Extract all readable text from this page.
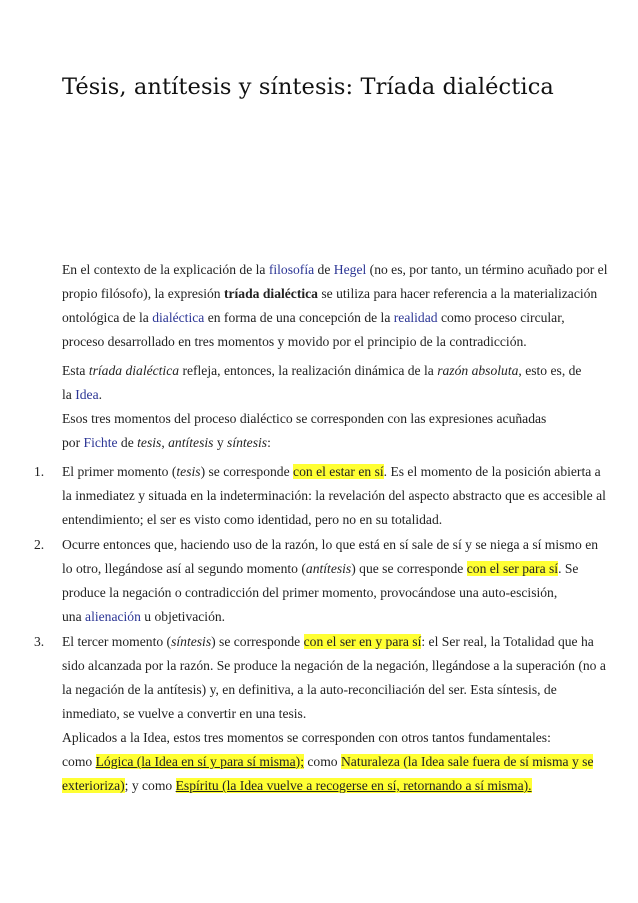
Tésis, antítesis y síntesis: Tríada dialéctica
En el contexto de la explicación de la filosofía de Hegel (no es, por tanto, un término acuñado por el
propio filósofo), la expresión tríada dialéctica se utiliza para hacer referencia a la materialización
ontológica de la dialéctica en forma de una concepción de la realidad como proceso circular,
proceso desarrollado en tres momentos y movido por el principio de la contradicción.
Esta tríada dialéctica refleja, entonces, la realización dinámica de la razón absoluta, esto es, de
la Idea.
Esos tres momentos del proceso dialéctico se corresponden con las expresiones acuñadas
por Fichte de tesis, antítesis y síntesis:
1. El primer momento (tesis) se corresponde con el estar en sí. Es el momento de la posición abierta a
la inmediatez y situada en la indeterminación: la revelación del aspecto abstracto que es accesible al
entendimiento; el ser es visto como identidad, pero no en su totalidad.
2. Ocurre entonces que, haciendo uso de la razón, lo que está en sí sale de sí y se niega a sí mismo en
lo otro, llegándose así al segundo momento (antítesis) que se corresponde con el ser para sí. Se
produce la negación o contradicción del primer momento, provocándose una auto-escisión,
una alienación u objetivación.
3. El tercer momento (síntesis) se corresponde con el ser en y para sí: el Ser real, la Totalidad que ha
sido alcanzada por la razón. Se produce la negación de la negación, llegándose a la superación (no a
la negación de la antítesis) y, en definitiva, a la auto-reconciliación del ser. Esta síntesis, de
inmediato, se vuelve a convertir en una tesis.
Aplicados a la Idea, estos tres momentos se corresponden con otros tantos fundamentales:
como Lógica (la Idea en sí y para sí misma); como Naturaleza (la Idea sale fuera de sí misma y se
exterioriza); y como Espíritu (la Idea vuelve a recogerse en sí, retornando a sí misma).
